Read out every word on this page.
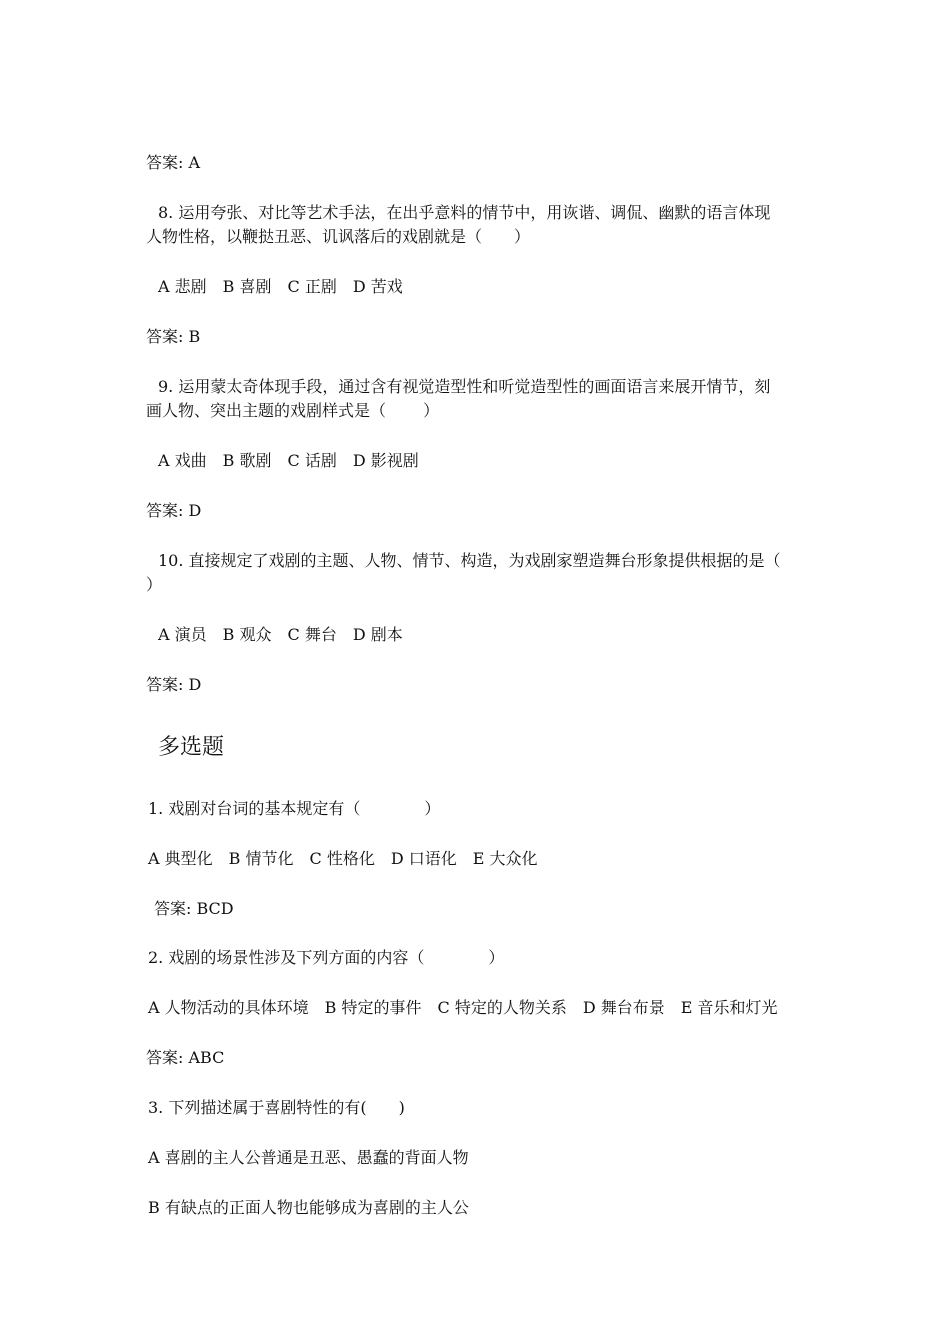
答案: A
8. 运用夸张、对比等艺术手法，在出乎意料的情节中，用诙谐、调侃、幽默的语言体现
人物性格，以鞭挞丑恶、讥讽落后的戏剧就是（　　）
A 悲剧　B 喜剧　C 正剧　D 苦戏
答案: B
9. 运用蒙太奇体现手段，通过含有视觉造型性和听觉造型性的画面语言来展开情节，刻
画人物、突出主题的戏剧样式是（　　 ）
A 戏曲　B 歌剧　C 话剧　D 影视剧
答案: D
10. 直接规定了戏剧的主题、人物、情节、构造，为戏剧家塑造舞台形象提供根据的是（
）
A 演员　B 观众　C 舞台　D 剧本
答案: D
多选题
1. 戏剧对台词的基本规定有（　　　　）
A 典型化　B 情节化　C 性格化　D 口语化　E 大众化
答案: BCD
2. 戏剧的场景性涉及下列方面的内容（　　　　）
A 人物活动的具体环境　B 特定的事件　C 特定的人物关系　D 舞台布景　E 音乐和灯光
答案: ABC
3. 下列描述属于喜剧特性的有(　　)
A 喜剧的主人公普通是丑恶、愚蠢的背面人物
B 有缺点的正面人物也能够成为喜剧的主人公
